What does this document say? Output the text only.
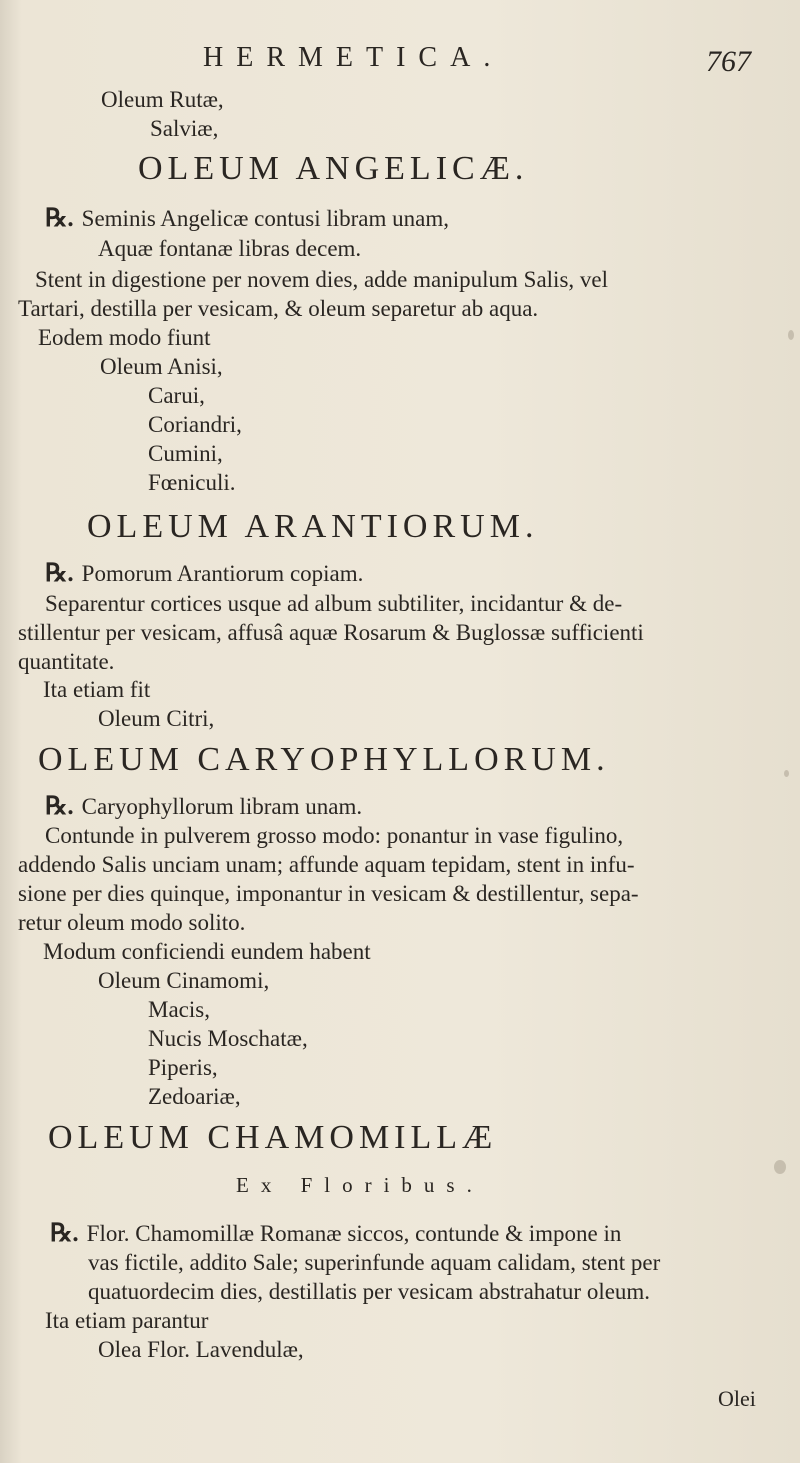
HERMETICA.	767
Oleum Rutæ,
Salviæ,
OLEUM ANGELICÆ.
℞. Seminis Angelicæ contusi libram unam,
Aquæ fontanæ libras decem.
Stent in digestione per novem dies, adde manipulum Salis, vel
Tartari, destilla per vesicam, & oleum separetur ab aqua.
Eodem modo fiunt
Oleum Anisi,
Carui,
Coriandri,
Cumini,
Fœniculi.
OLEUM ARANTIORUM.
℞. Pomorum Arantiorum copiam.
Separentur cortices usque ad album subtiliter, incidantur & de-
stillentur per vesicam, affusâ aquæ Rosarum & Buglossæ sufficienti
quantitate.
Ita etiam fit
Oleum Citri,
OLEUM CARYOPHYLLORUM.
℞. Caryophyllorum libram unam.
Contunde in pulverem grosso modo: ponantur in vase figulino,
addendo Salis unciam unam; affunde aquam tepidam, stent in infu-
sione per dies quinque, imponantur in vesicam & destillentur, sepa-
retur oleum modo solito.
Modum conficiendi eundem habent
Oleum Cinamomi,
Macis,
Nucis Moschatæ,
Piperis,
Zedoariæ,
OLEUM CHAMOMILLÆ
Ex Floribus.
℞. Flor. Chamomillæ Romanæ siccos, contunde & impone in
vas fictile, addito Sale; superinfunde aquam calidam, stent per
quatuordecim dies, destillatis per vesicam abstrahatur oleum.
Ita etiam parantur
Olea Flor. Lavendulæ,
Olei
